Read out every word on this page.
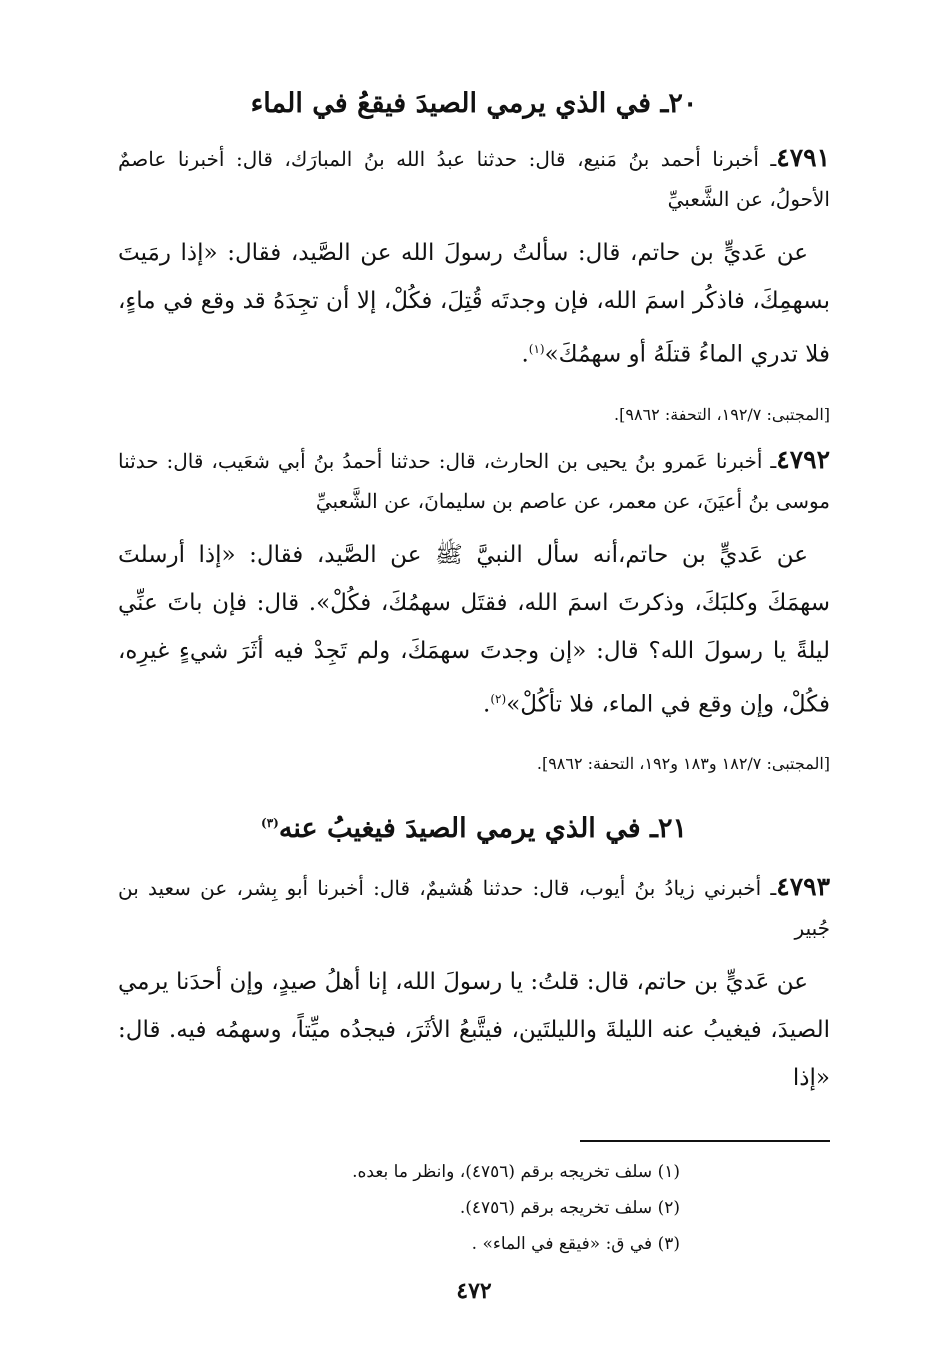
٢٠ـ في الذي يرمي الصيدَ فيقعُ في الماء

٤٧٩١ـ أخبرنا أحمد بنُ مَنيع، قال: حدثنا عبدُ الله بنُ المبارَك، قال: أخبرنا عاصمٌ الأحولُ، عن الشَّعبيِّ

عن عَديٍّ بن حاتم، قال: سألتُ رسولَ الله عن الصَّيد، فقال: «إذا رمَيتَ بسهمِكَ، فاذكُر اسمَ الله، فإن وجدتَه قُتِلَ، فكُلْ، إلا أن تجِدَهُ قد وقع في ماءٍ، فلا تدري الماءُ قتلَهُ أو سهمُكَ»$^{(١)}$.

[المجتبى: ١٩٢/٧، التحفة: ٩٨٦٢].

٤٧٩٢ـ أخبرنا عَمرو بنُ يحيى بن الحارث، قال: حدثنا أحمدُ بنُ أبي شعَيب، قال: حدثنا موسى بنُ أعيَنَ، عن معمر، عن عاصم بن سليمانَ، عن الشَّعبيِّ

عن عَديٍّ بن حاتم،أنه سأل النبيَّ ﷺ عن الصَّيد، فقال: «إذا أرسلتَ سهمَكَ وكلبَكَ، وذكرتَ اسمَ الله، فقتَل سهمُكَ، فكُلْ». قال: فإن باتَ عنِّي ليلةً يا رسولَ الله؟ قال: «إن وجدتَ سهمَكَ، ولم تَجِدْ فيه أثَرَ شيءٍ غيرِه، فكُلْ، وإن وقع في الماء، فلا تأكُلْ»$^{(٢)}$.

[المجتبى: ١٨٢/٧ و١٨٣ و١٩٢، التحفة: ٩٨٦٢].

٢١ـ في الذي يرمي الصيدَ فيغيبُ عنه$^{(٣)}$

٤٧٩٣ـ أخبرني زيادُ بنُ أيوب، قال: حدثنا هُشيمٌ، قال: أخبرنا أبو بِشر، عن سعيد بن جُبير

عن عَديٍّ بن حاتم، قال: قلتُ: يا رسولَ الله، إنا أهلُ صيدٍ، وإن أحدَنا يرمي الصيدَ، فيغيبُ عنه الليلةَ والليلتَين، فيتَّبعُ الأثَرَ، فيجدُه ميِّتاً، وسهمُه فيه. قال: «إذا

(١) سلف تخريجه برقم (٤٧٥٦)، وانظر ما بعده.
(٢) سلف تخريجه برقم (٤٧٥٦).
(٣) في ق: «فيقع في الماء» .
٤٧٢
